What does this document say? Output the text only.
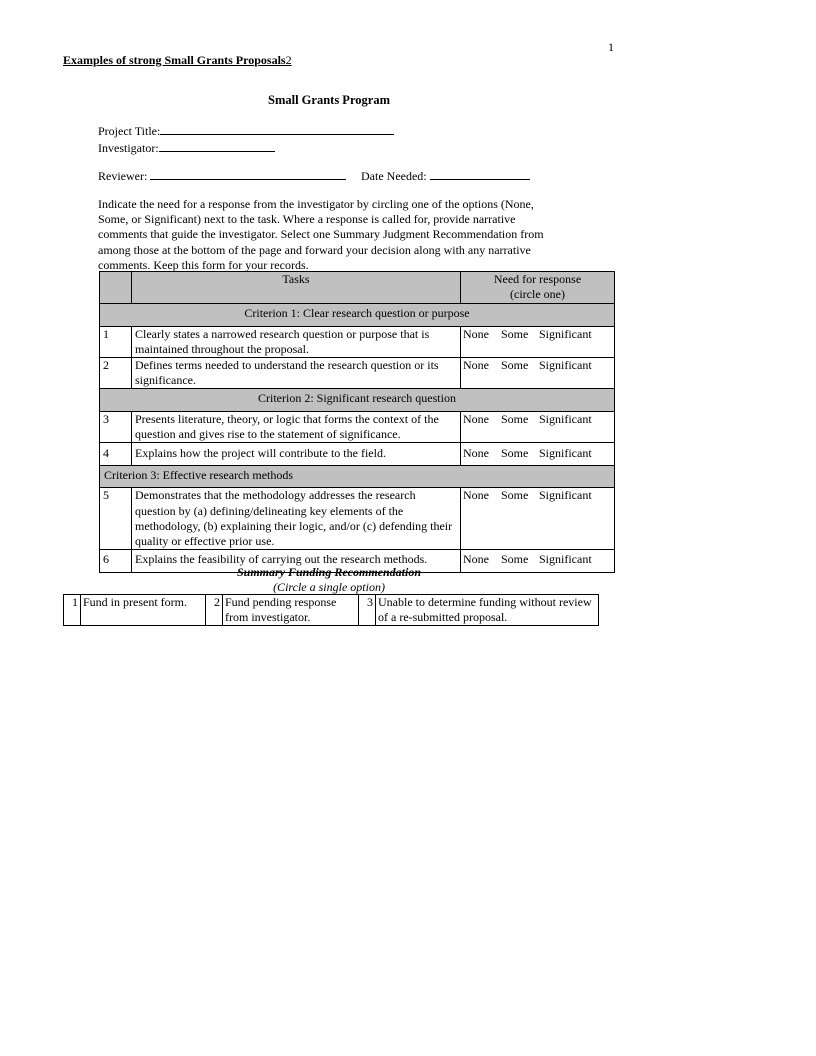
1
Examples of strong Small Grants Proposals2
Small Grants Program
Project Title:
Investigator:
Reviewer:	Date Needed:
Indicate the need for a response from the investigator by circling one of the options (None, Some, or Significant) next to the task. Where a response is called for, provide narrative comments that guide the investigator. Select one Summary Judgment Recommendation from among those at the bottom of the page and forward your decision along with any narrative comments. Keep this form for your records.
	Tasks	Need for response
(circle one)
Criterion 1: Clear research question or purpose		
1	Clearly states a narrowed research question or purpose that is maintained throughout the proposal.	None Some Significant
2	Defines terms needed to understand the research question or its significance.	None Some Significant
Criterion 2: Significant research question		
3	Presents literature, theory, or logic that forms the context of the question and gives rise to the statement of significance.	None Some Significant
4	Explains how the project will contribute to the field.	None Some Significant
Criterion 3: Effective research methods		
5	Demonstrates that the methodology addresses the research question by (a) defining/delineating key elements of the methodology, (b) explaining their logic, and/or (c) defending their quality or effective prior use.	None Some Significant
6	Explains the feasibility of carrying out the research methods.	None Some Significant
Summary Funding Recommendation
(Circle a single option)
1	Fund in present form.	2	Fund pending response from investigator.	3	Unable to determine funding without review of a re-submitted proposal.
